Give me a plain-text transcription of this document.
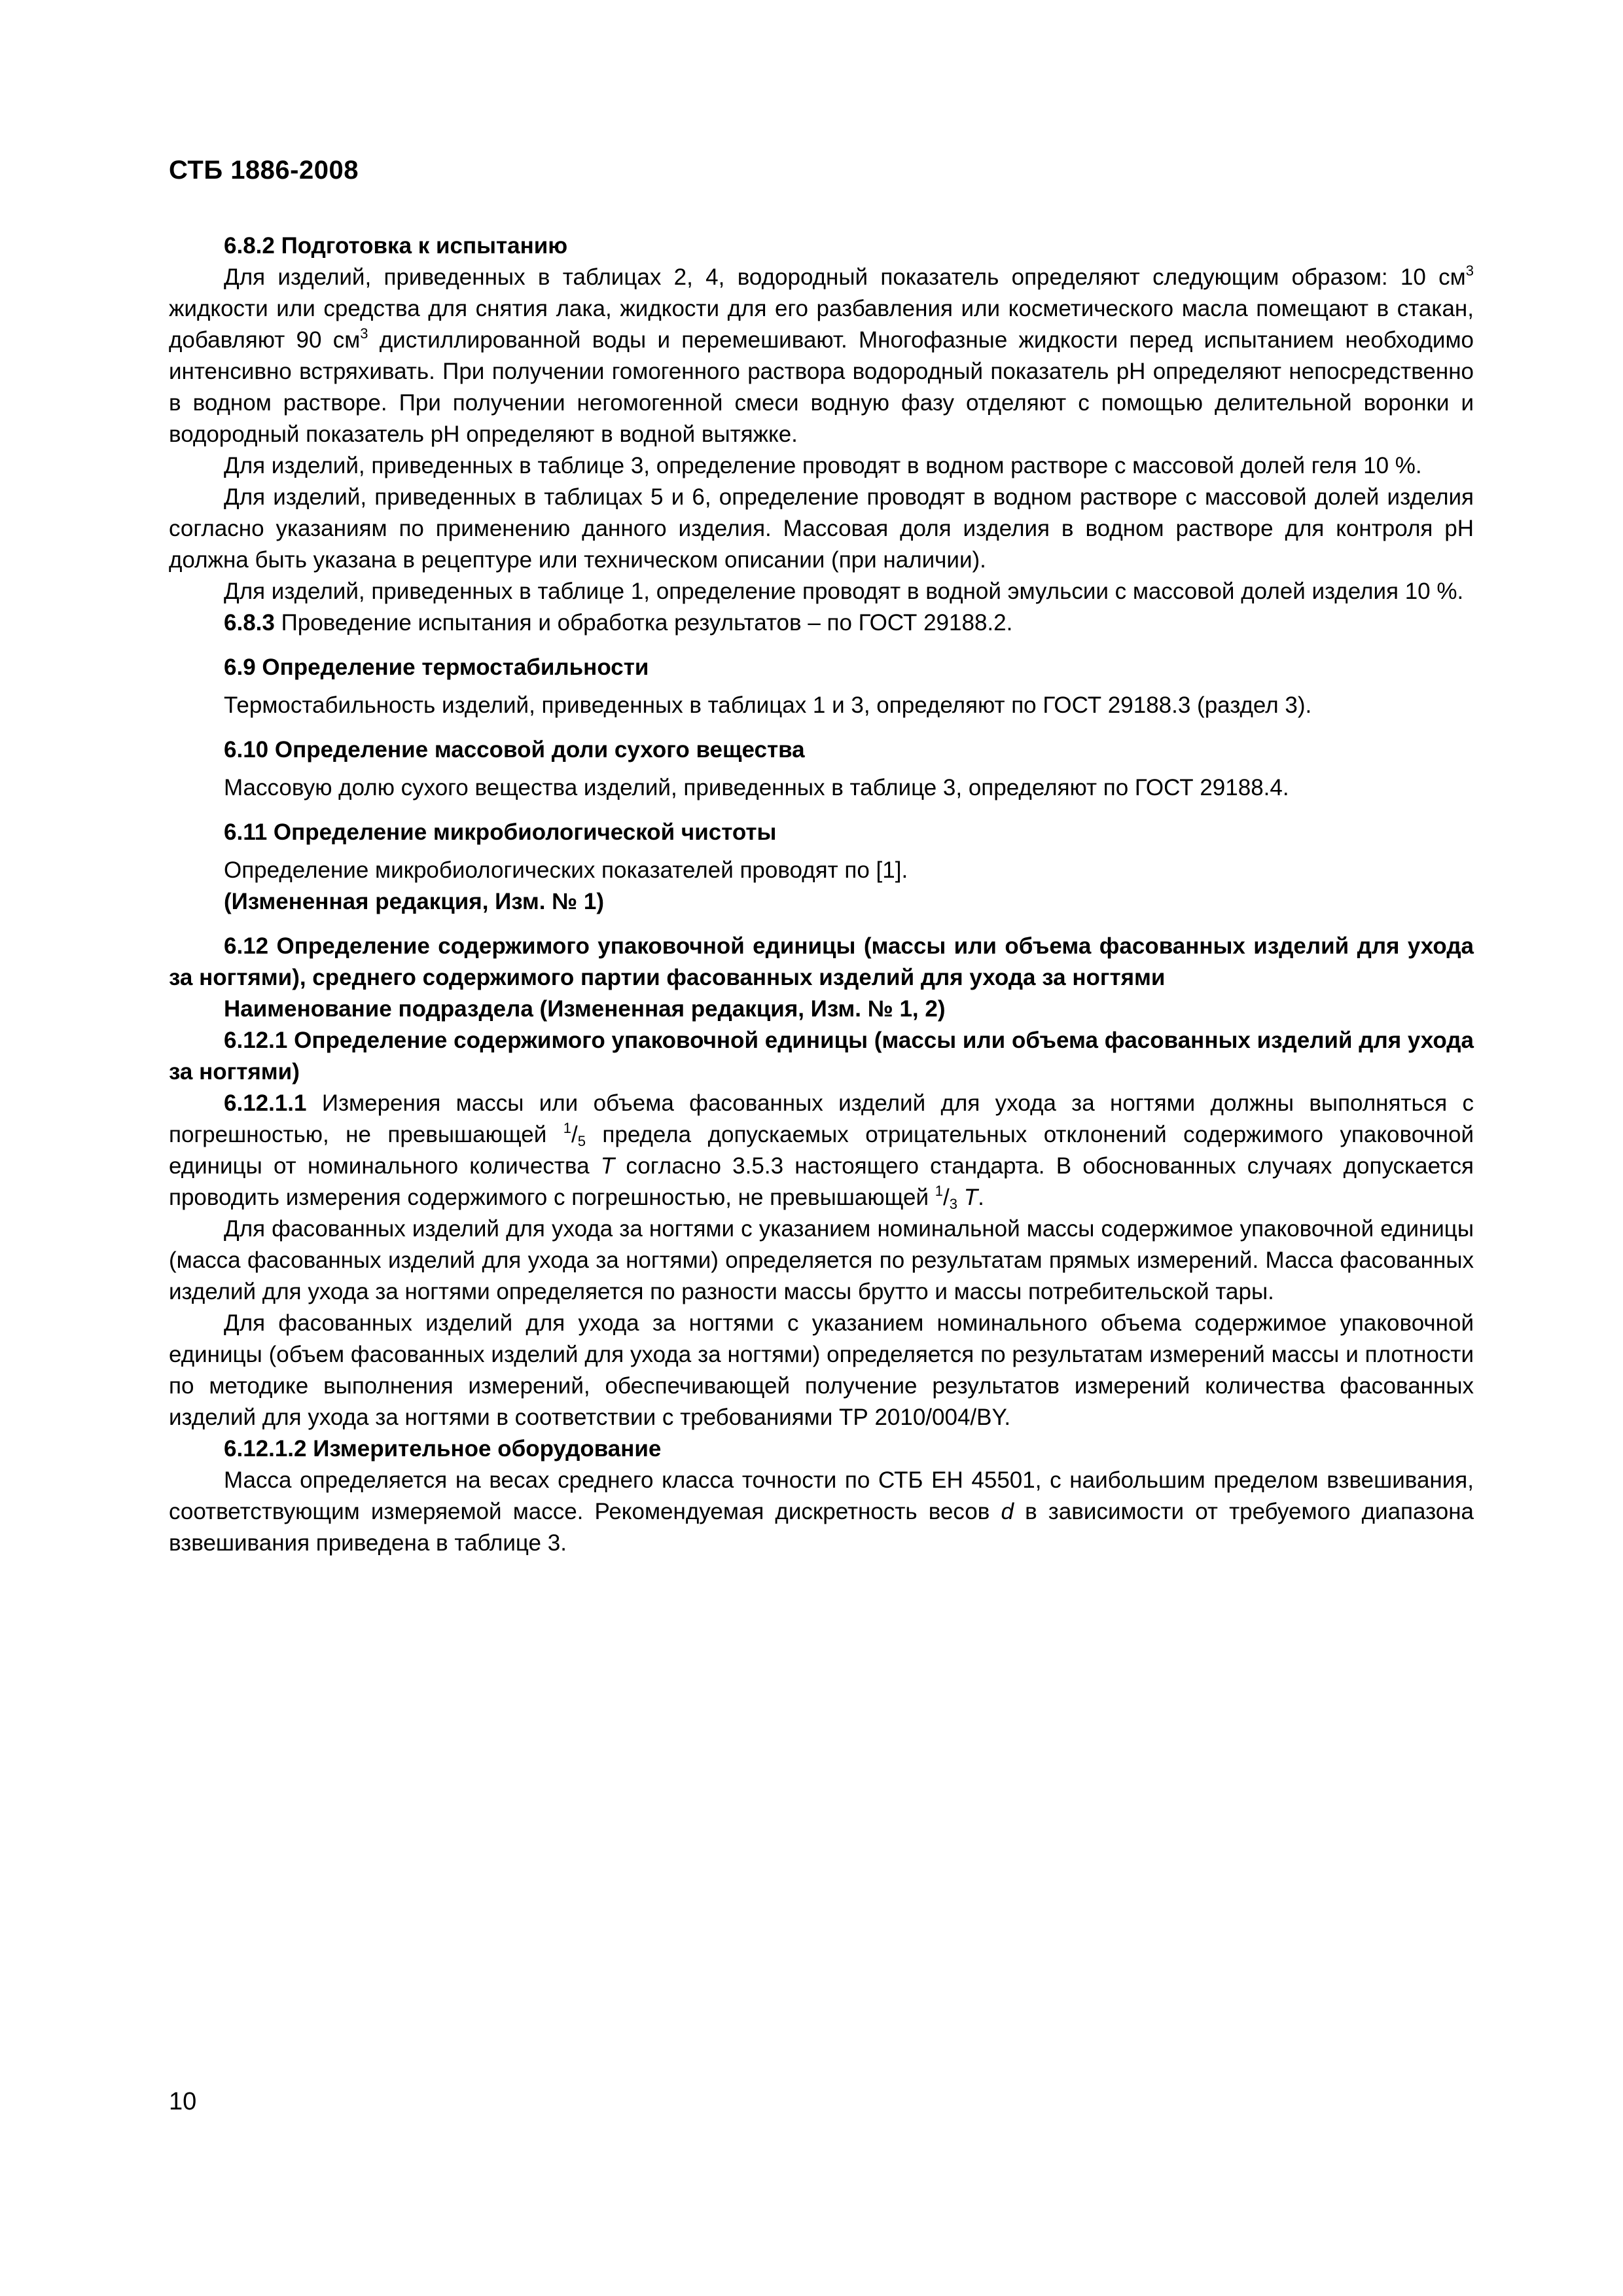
СТБ 1886-2008

6.8.2 Подготовка к испытанию

Для изделий, приведенных в таблицах 2, 4, водородный показатель определяют следующим образом: 10 $см^3$ жидкости или средства для снятия лака, жидкости для его разбавления или косметического масла помещают в стакан, добавляют 90 $см^3$ дистиллированной воды и перемешивают. Многофазные жидкости перед испытанием необходимо интенсивно встряхивать. При получении гомогенного раствора водородный показатель pH определяют непосредственно в водном растворе. При получении негомогенной смеси водную фазу отделяют с помощью делительной воронки и водородный показатель pH определяют в водной вытяжке.

Для изделий, приведенных в таблице 3, определение проводят в водном растворе с массовой долей геля 10 %.

Для изделий, приведенных в таблицах 5 и 6, определение проводят в водном растворе с массовой долей изделия согласно указаниям по применению данного изделия. Массовая доля изделия в водном растворе для контроля pH должна быть указана в рецептуре или техническом описании (при наличии).

Для изделий, приведенных в таблице 1, определение проводят в водной эмульсии с массовой долей изделия 10 %.

6.8.3 Проведение испытания и обработка результатов – по ГОСТ 29188.2.

6.9 Определение термостабильности

Термостабильность изделий, приведенных в таблицах 1 и 3, определяют по ГОСТ 29188.3 (раздел 3).

6.10 Определение массовой доли сухого вещества

Массовую долю сухого вещества изделий, приведенных в таблице 3, определяют по ГОСТ 29188.4.

6.11 Определение микробиологической чистоты

Определение микробиологических показателей проводят по [1].

(Измененная редакция, Изм. № 1)

6.12 Определение содержимого упаковочной единицы (массы или объема фасованных изделий для ухода за ногтями), среднего содержимого партии фасованных изделий для ухода за ногтями

Наименование подраздела (Измененная редакция, Изм. № 1, 2)

6.12.1 Определение содержимого упаковочной единицы (массы или объема фасованных изделий для ухода за ногтями)

6.12.1.1 Измерения массы или объема фасованных изделий для ухода за ногтями должны выполняться с погрешностью, не превышающей $^1/_5$ предела допускаемых отрицательных отклонений содержимого упаковочной единицы от номинального количества T согласно 3.5.3 настоящего стандарта. В обоснованных случаях допускается проводить измерения содержимого с погрешностью, не превышающей $^1/_3$ T.

Для фасованных изделий для ухода за ногтями с указанием номинальной массы содержимое упаковочной единицы (масса фасованных изделий для ухода за ногтями) определяется по результатам прямых измерений. Масса фасованных изделий для ухода за ногтями определяется по разности массы брутто и массы потребительской тары.

Для фасованных изделий для ухода за ногтями с указанием номинального объема содержимое упаковочной единицы (объем фасованных изделий для ухода за ногтями) определяется по результатам измерений массы и плотности по методике выполнения измерений, обеспечивающей получение результатов измерений количества фасованных изделий для ухода за ногтями в соответствии с требованиями ТР 2010/004/BY.

6.12.1.2 Измерительное оборудование

Масса определяется на весах среднего класса точности по СТБ ЕН 45501, с наибольшим пределом взвешивания, соответствующим измеряемой массе. Рекомендуемая дискретность весов d в зависимости от требуемого диапазона взвешивания приведена в таблице 3.

10
